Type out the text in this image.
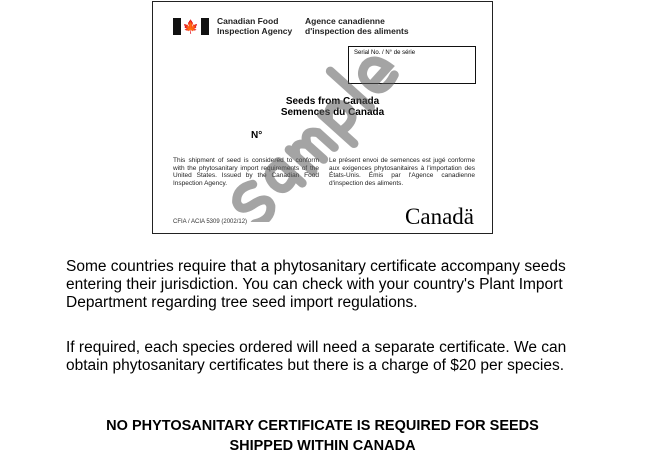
🍁 Canadian Food
Inspection Agency
Agence canadienne
d'inspection des aliments
Serial No. / N° de série
Seeds from Canada
Semences du Canada
N°
This shipment of seed is considered to conform with the phytosanitary import requirements of the United States. Issued by the Canadian Food Inspection Agency.
Le présent envoi de semences est jugé conforme aux exigences phytosanitaires à l'importation des États-Unis. Émis par l'Agence canadienne d'inspection des aliments.
CFIA / ACIA 5309 (2002/12)	Canadä
Some countries require that a phytosanitary certificate accompany seeds entering their jurisdiction. You can check with your country's Plant Import Department regarding tree seed import regulations.
If required, each species ordered will need a separate certificate. We can obtain phytosanitary certificates but there is a charge of $20 per species.
NO PHYTOSANITARY CERTIFICATE IS REQUIRED FOR SEEDS
SHIPPED WITHIN CANADA
